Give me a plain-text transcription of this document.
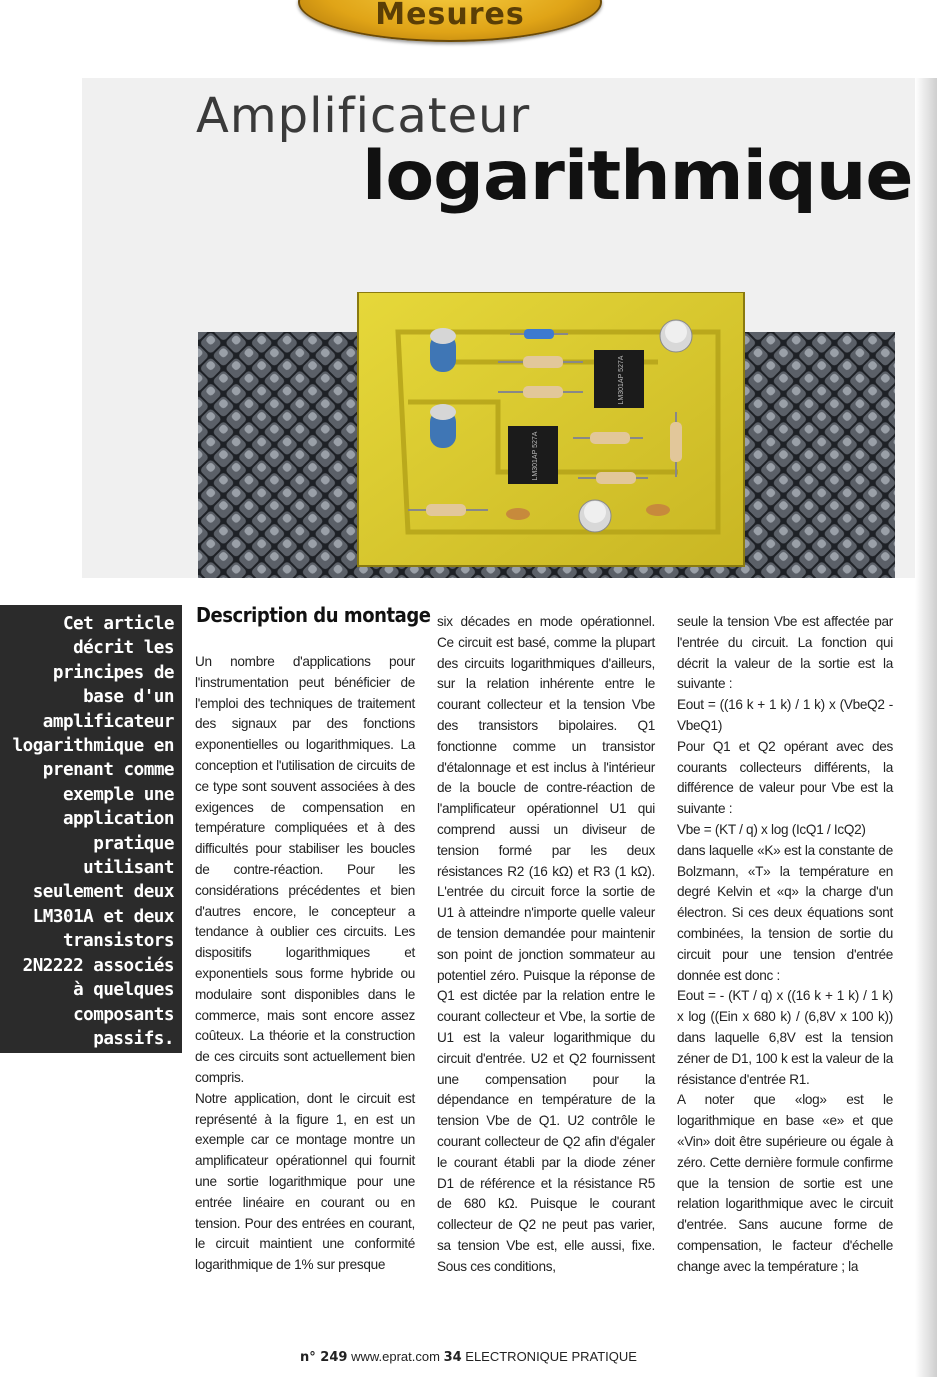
Mesures
Amplificateur
logarithmique
LM301AP 527A
LM301AP 527A
Cet article décrit les principes de base d'un amplificateur logarithmique en prenant comme exemple une application pratique utilisant seulement deux LM301A et deux transistors 2N2222 associés à quelques composants passifs. Quelques applications plus complexes sont ensuite exposées.
Description du montage

Un nombre d'applications pour l'instrumentation peut bénéficier de l'emploi des techniques de traitement des signaux par des fonctions exponentielles ou logarithmiques. La conception et l'utilisation de circuits de ce type sont souvent associées à des exigences de compensation en température compliquées et à des difficultés pour stabiliser les boucles de contre-réaction. Pour les considérations précédentes et bien d'autres encore, le concepteur a tendance à oublier ces circuits. Les dispositifs logarithmiques et exponentiels sous forme hybride ou modulaire sont disponibles dans le commerce, mais sont encore assez coûteux. La théorie et la construction de ces circuits sont actuellement bien compris.

Notre application, dont le circuit est représenté à la figure 1, en est un exemple car ce montage montre un amplificateur opérationnel qui fournit une sortie logarithmique pour une entrée linéaire en courant ou en tension. Pour des entrées en courant, le circuit maintient une conformité logarithmique de 1% sur presque

six décades en mode opérationnel. Ce circuit est basé, comme la plupart des circuits logarithmiques d'ailleurs, sur la relation inhérente entre le courant collecteur et la tension Vbe des transistors bipolaires. Q1 fonctionne comme un transistor d'étalonnage et est inclus à l'intérieur de la boucle de contre-réaction de l'amplificateur opérationnel U1 qui comprend aussi un diviseur de tension formé par les deux résistances R2 (16 kΩ) et R3 (1 kΩ). L'entrée du circuit force la sortie de U1 à atteindre n'importe quelle valeur de tension demandée pour maintenir son point de jonction sommateur au potentiel zéro. Puisque la réponse de Q1 est dictée par la relation entre le courant collecteur et Vbe, la sortie de U1 est la valeur logarithmique du circuit d'entrée. U2 et Q2 fournissent une compensation pour la dépendance en température de la tension Vbe de Q1. U2 contrôle le courant collecteur de Q2 afin d'égaler le courant établi par la diode zéner D1 de référence et la résistance R5 de 680 kΩ. Puisque le courant collecteur de Q2 ne peut pas varier, sa tension Vbe est, elle aussi, fixe. Sous ces conditions,

seule la tension Vbe est affectée par l'entrée du circuit. La fonction qui décrit la valeur de la sortie est la suivante :

Eout = ((16 k + 1 k) / 1 k) x (VbeQ2 - VbeQ1)

Pour Q1 et Q2 opérant avec des courants collecteurs différents, la différence de valeur pour Vbe est la suivante :

Vbe = (KT / q) x log (IcQ1 / IcQ2)

dans laquelle «K» est la constante de Bolzmann, «T» la température en degré Kelvin et «q» la charge d'un électron. Si ces deux équations sont combinées, la tension de sortie du circuit pour une tension d'entrée donnée est donc :

Eout = - (KT / q) x ((16 k + 1 k) / 1 k) x log ((Ein x 680 k) / (6,8V x 100 k)) dans laquelle 6,8V est la tension zéner de D1, 100 k est la valeur de la résistance d'entrée R1.

A noter que «log» est le logarithmique en base «e» et que «Vin» doit être supérieure ou égale à zéro. Cette dernière formule confirme que la tension de sortie est une relation logarithmique avec le circuit d'entrée. Sans aucune forme de compensation, le facteur d'échelle change avec la température ; la

n° 249 www.eprat.com 34 ELECTRONIQUE PRATIQUE
